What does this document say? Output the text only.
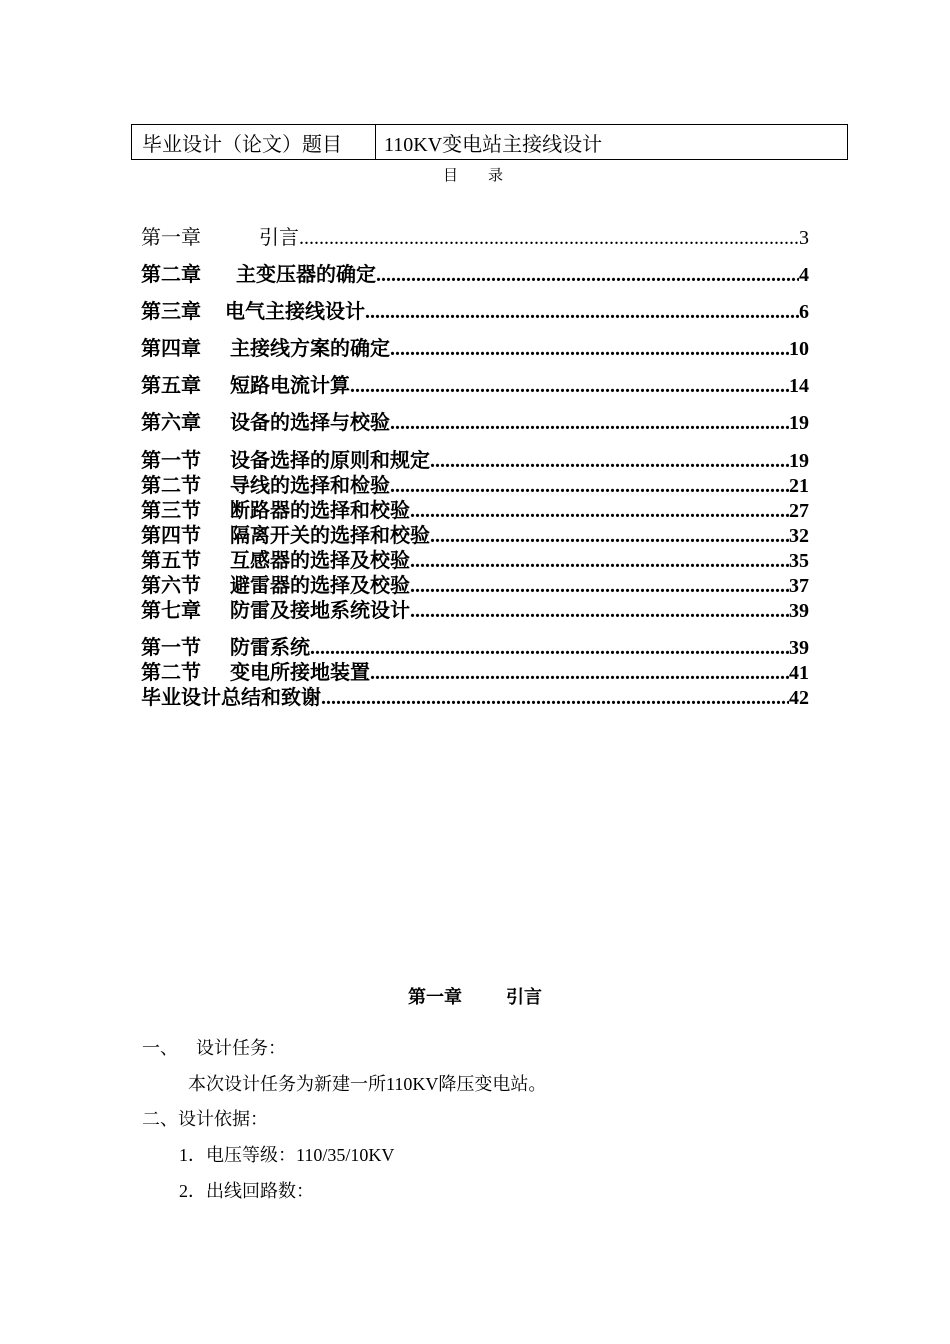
毕业设计（论文）题目	110KV变电站主接线设计
目 录
第一章	引言 .....	3
第二章	主变压器的确定 .....	4
第三章	电气主接线设计 .....	6
第四章	主接线方案的确定 .....	10
第五章	短路电流计算 .....	14
第六章	设备的选择与校验 .....	19
第一节	设备选择的原则和规定 .....	19
第二节	导线的选择和检验 .....	21
第三节	断路器的选择和校验 .....	27
第四节	隔离开关的选择和校验 .....	32
第五节	互感器的选择及校验 .....	35
第六节	避雷器的选择及校验 .....	37
第七章	防雷及接地系统设计 .....	39
第一节	防雷系统 .....	39
第二节	变电所接地装置 .....	41
毕业设计总结和致谢 .....	42
第一章 引言
一、 设计任务：
本次设计任务为新建一所110KV降压变电站。
二、设计依据：
1．电压等级：110/35/10KV
2．出线回路数：
